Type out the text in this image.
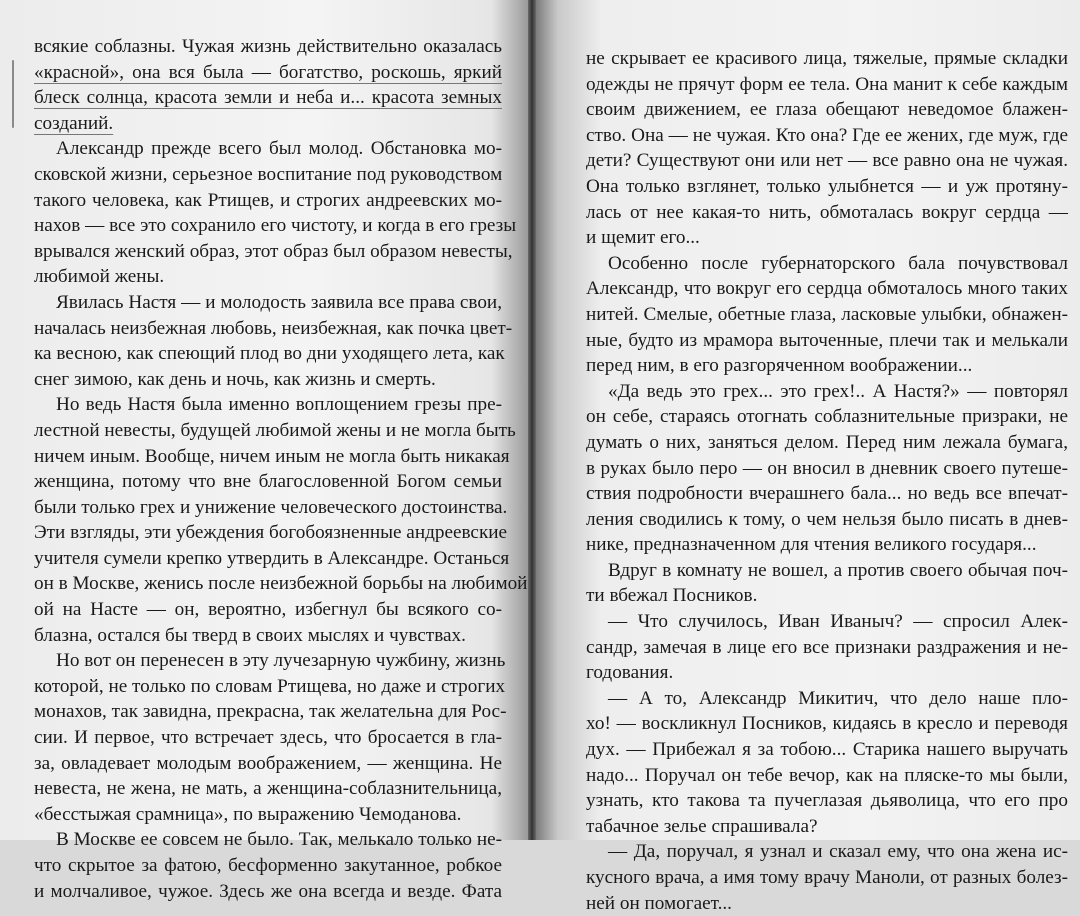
всякие соблазны. Чужая жизнь действительно оказалась
«красной», она вся была — богатство, роскошь, яркий
блеск солнца, красота земли и неба и... красота земных
созданий.
Александр прежде всего был молод. Обстановка мо-
сковской жизни, серьезное воспитание под руководством
такого человека, как Ртищев, и строгих андреевских мо-
нахов — все это сохранило его чистоту, и когда в его грезы
врывался женский образ, этот образ был образом невесты,
любимой жены.
Явилась Настя — и молодость заявила все права свои,
началась неизбежная любовь, неизбежная, как почка цвет-
ка весною, как спеющий плод во дни уходящего лета, как
снег зимою, как день и ночь, как жизнь и смерть.
Но ведь Настя была именно воплощением грезы пре-
лестной невесты, будущей любимой жены и не могла быть
ничем иным. Вообще, ничем иным не могла быть никакая
женщина, потому что вне благословенной Богом семьи
были только грех и унижение человеческого достоинства.
Эти взгляды, эти убеждения богобоязненные андреевские
учителя сумели крепко утвердить в Александре. Останься
он в Москве, женись после неизбежной борьбы на любимой
ой на Насте — он, вероятно, избегнул бы всякого со-
блазна, остался бы тверд в своих мыслях и чувствах.
Но вот он перенесен в эту лучезарную чужбину, жизнь
которой, не только по словам Ртищева, но даже и строгих
монахов, так завидна, прекрасна, так желательна для Рос-
сии. И первое, что встречает здесь, что бросается в гла-
за, овладевает молодым воображением, — женщина. Не
невеста, не жена, не мать, а женщина-соблазнительница,
«бесстыжая срамница», по выражению Чемоданова.
В Москве ее совсем не было. Так, мелькало только не-
что скрытое за фатою, бесформенно закутанное, робкое
и молчаливое, чужое. Здесь же она всегда и везде. Фата
не скрывает ее красивого лица, тяжелые, прямые складки
одежды не прячут форм ее тела. Она манит к себе каждым
своим движением, ее глаза обещают неведомое блажен-
ство. Она — не чужая. Кто она? Где ее жених, где муж, где
дети? Существуют они или нет — все равно она не чужая.
Она только взглянет, только улыбнется — и уж протяну-
лась от нее какая-то нить, обмоталась вокруг сердца —
и щемит его...
Особенно после губернаторского бала почувствовал
Александр, что вокруг его сердца обмоталось много таких
нитей. Смелые, обетные глаза, ласковые улыбки, обнажен-
ные, будто из мрамора выточенные, плечи так и мелькали
перед ним, в его разгоряченном воображении...
«Да ведь это грех... это грех!.. А Настя?» — повторял
он себе, стараясь отогнать соблазнительные призраки, не
думать о них, заняться делом. Перед ним лежала бумага,
в руках было перо — он вносил в дневник своего путеше-
ствия подробности вчерашнего бала... но ведь все впечат-
ления сводились к тому, о чем нельзя было писать в днев-
нике, предназначенном для чтения великого государя...
Вдруг в комнату не вошел, а против своего обычая поч-
ти вбежал Посников.
— Что случилось, Иван Иваныч? — спросил Алек-
сандр, замечая в лице его все признаки раздражения и не-
годования.
— А то, Александр Микитич, что дело наше пло-
хо! — воскликнул Посников, кидаясь в кресло и переводя
дух. — Прибежал я за тобою... Старика нашего выручать
надо... Поручал он тебе вечор, как на пляске-то мы были,
узнать, кто такова та пучеглазая дьяволица, что его про
табачное зелье спрашивала?
— Да, поручал, я узнал и сказал ему, что она жена ис-
кусного врача, а имя тому врачу Маноли, от разных болез-
ней он помогает...
